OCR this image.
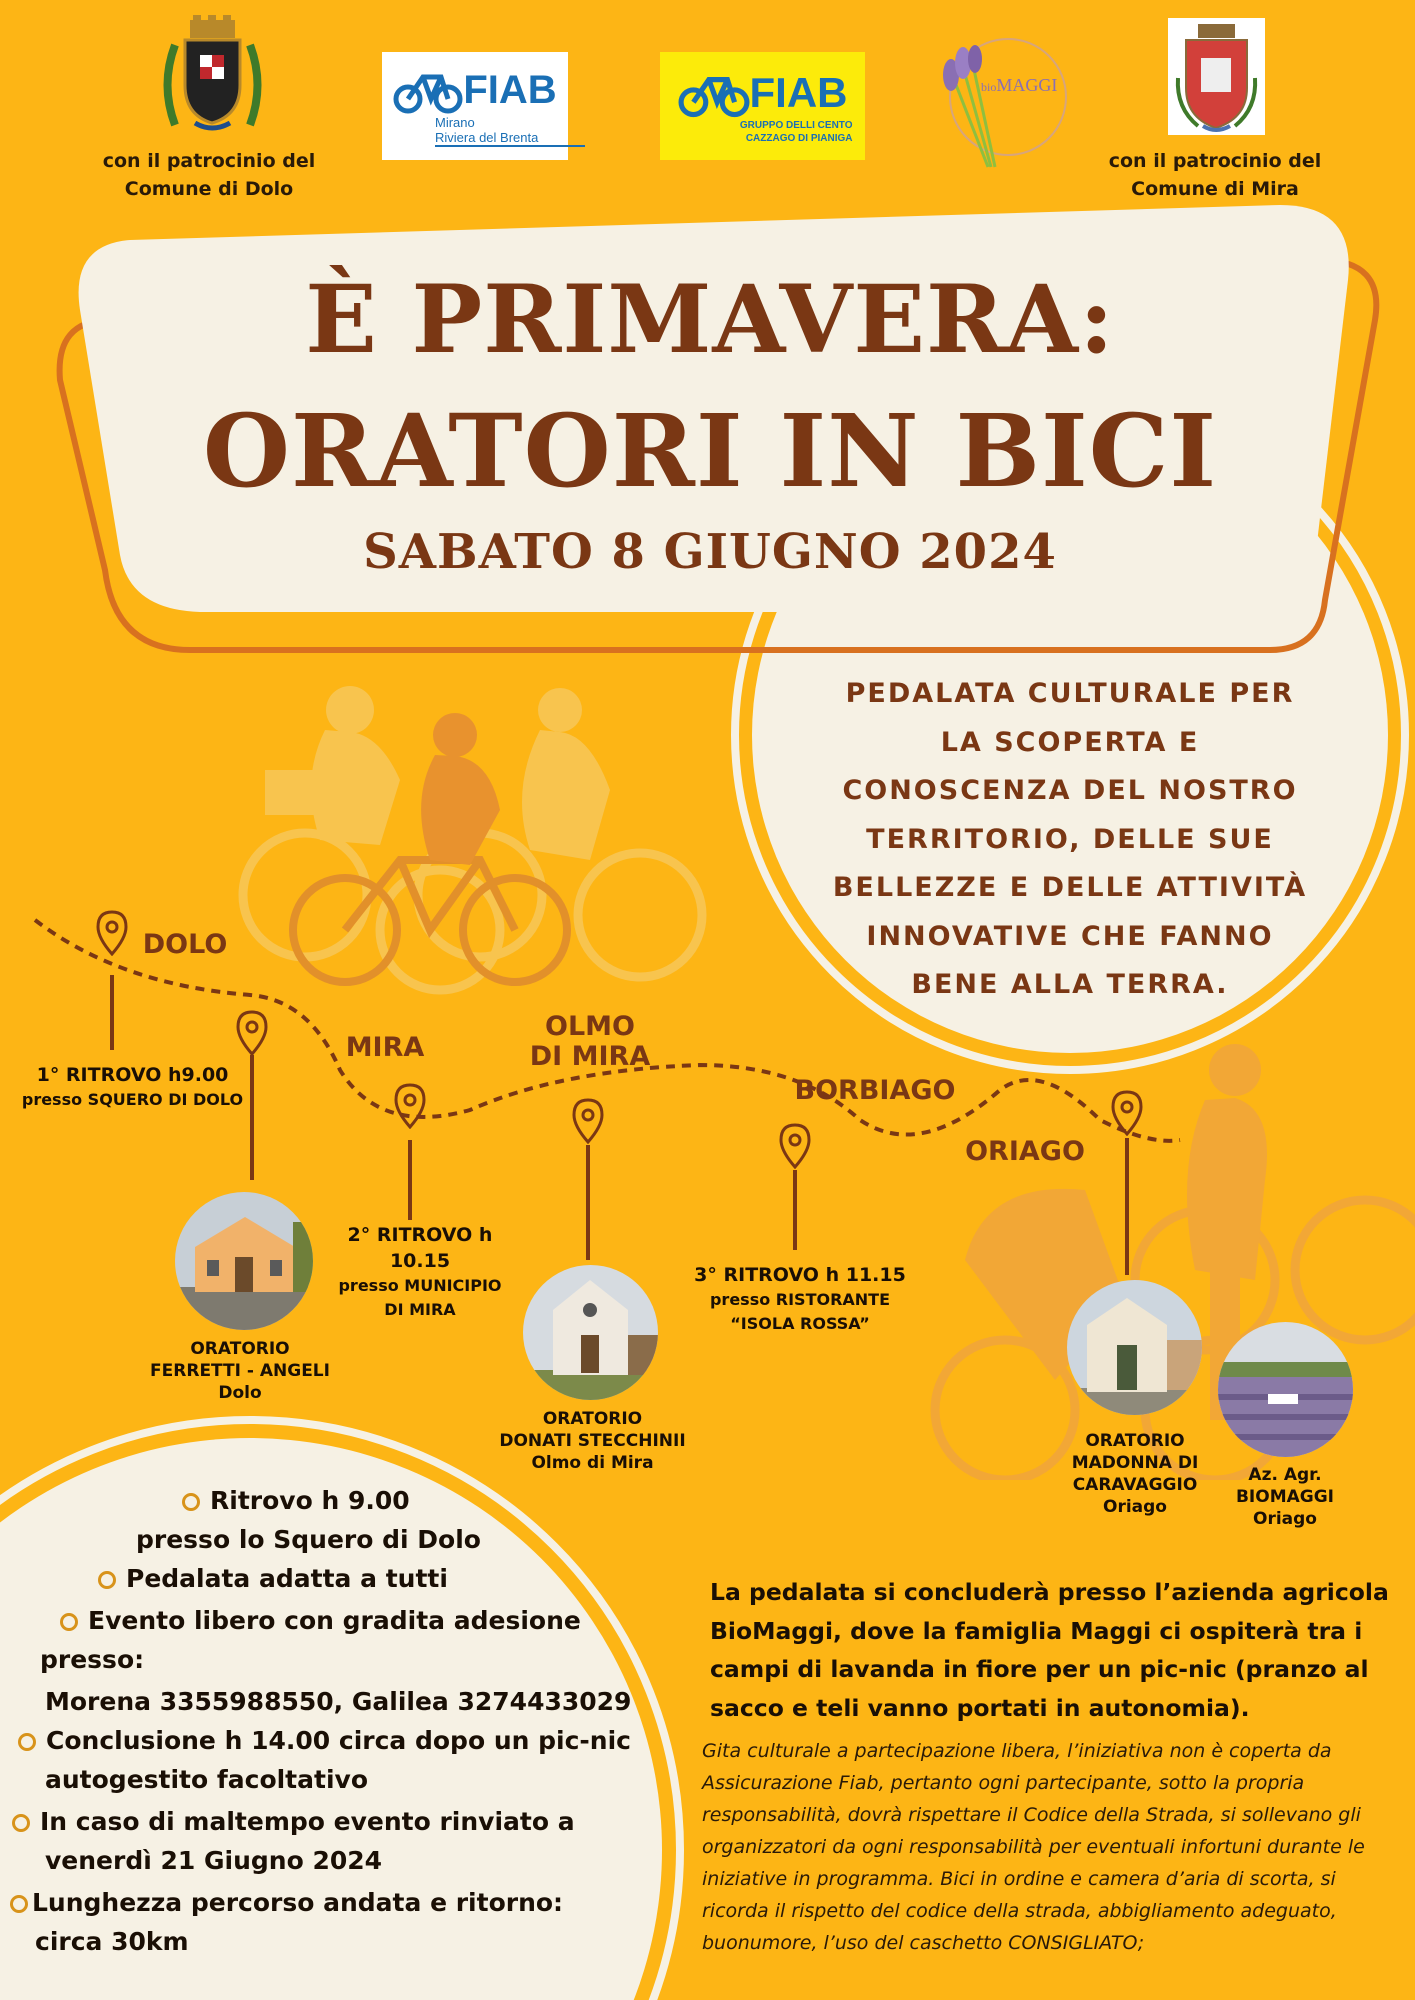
con il patrocinio del
Comune di Dolo
FIAB
Mirano
Riviera del Brenta
FIAB
GRUPPO DELLI CENTO
CAZZAGO DI PIANIGA
bioMAGGI
con il patrocinio del
Comune di Mira
È PRIMAVERA:
ORATORI IN BICI
SABATO 8 GIUGNO 2024
PEDALATA CULTURALE PER
LA SCOPERTA E
CONOSCENZA DEL NOSTRO
TERRITORIO, DELLE SUE
BELLEZZE E DELLE ATTIVITÀ
INNOVATIVE CHE FANNO
BENE ALLA TERRA.
DOLO
MIRA
OLMO
DI MIRA
BORBIAGO
ORIAGO
1° RITROVO h9.00
presso SQUERO DI DOLO
2° RITROVO h 10.15
presso MUNICIPIO
DI MIRA
3° RITROVO h 11.15
presso RISTORANTE
“ISOLA ROSSA”
ORATORIO
FERRETTI - ANGELI
Dolo
ORATORIO
DONATI STECCHINII
Olmo di Mira
ORATORIO
MADONNA DI
CARAVAGGIO
Oriago
Az. Agr.
BIOMAGGI
Oriago
Ritrovo h 9.00
presso lo Squero di Dolo
Pedalata adatta a tutti
Evento libero con gradita adesione
presso:
Morena 3355988550, Galilea 3274433029
Conclusione h 14.00 circa dopo un pic-nic
autogestito facoltativo
In caso di maltempo evento rinviato a
venerdì 21 Giugno 2024
Lunghezza percorso andata e ritorno:
circa 30km
La pedalata si concluderà presso l’azienda agricola
BioMaggi, dove la famiglia Maggi ci ospiterà tra i
campi di lavanda in fiore per un pic-nic (pranzo al
sacco e teli vanno portati in autonomia).
Gita culturale a partecipazione libera, l’iniziativa non è coperta da
Assicurazione Fiab, pertanto ogni partecipante, sotto la propria
responsabilità, dovrà rispettare il Codice della Strada, si sollevano gli
organizzatori da ogni responsabilità per eventuali infortuni durante le
iniziative in programma. Bici in ordine e camera d’aria di scorta, si
ricorda il rispetto del codice della strada, abbigliamento adeguato,
buonumore, l’uso del caschetto CONSIGLIATO;
